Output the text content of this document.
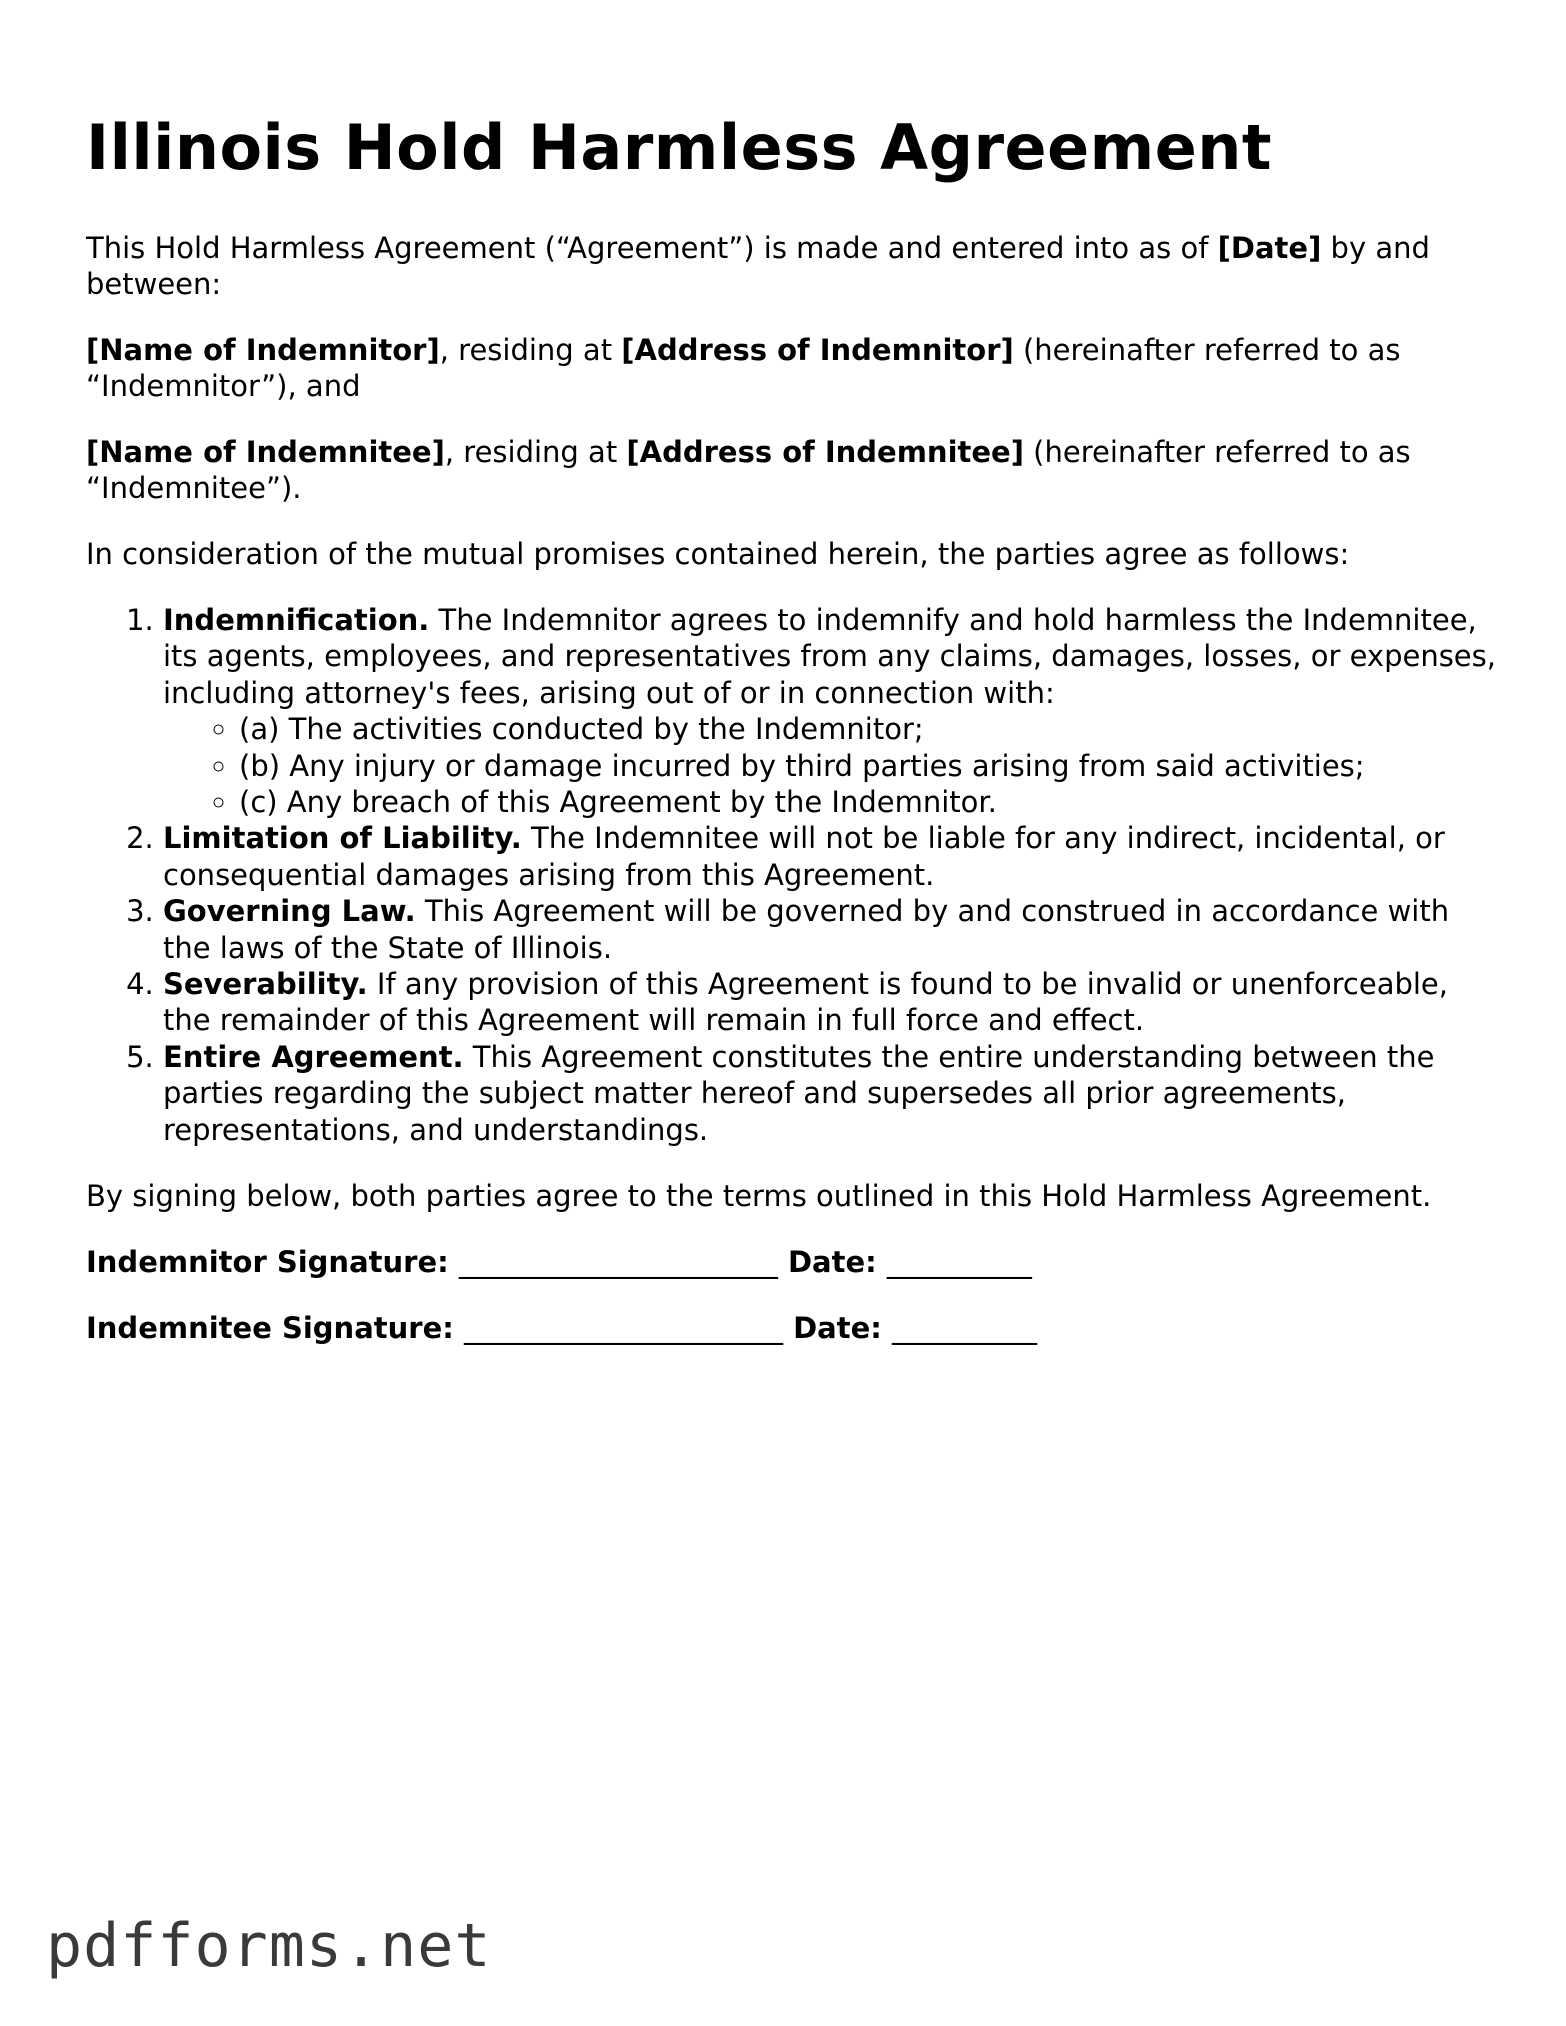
Illinois Hold Harmless Agreement

This Hold Harmless Agreement (“Agreement”) is made and entered into as of [Date] by and between:

[Name of Indemnitor], residing at [Address of Indemnitor] (hereinafter referred to as “Indemnitor”), and

[Name of Indemnitee], residing at [Address of Indemnitee] (hereinafter referred to as “Indemnitee”).

In consideration of the mutual promises contained herein, the parties agree as follows:

1. Indemnification. The Indemnitor agrees to indemnify and hold harmless the Indemnitee, its agents, employees, and representatives from any claims, damages, losses, or expenses, including attorney's fees, arising out of or in connection with:
◦ (a) The activities conducted by the Indemnitor;
◦ (b) Any injury or damage incurred by third parties arising from said activities;
◦ (c) Any breach of this Agreement by the Indemnitor.
2. Limitation of Liability. The Indemnitee will not be liable for any indirect, incidental, or consequential damages arising from this Agreement.
3. Governing Law. This Agreement will be governed by and construed in accordance with the laws of the State of Illinois.
4. Severability. If any provision of this Agreement is found to be invalid or unenforceable, the remainder of this Agreement will remain in full force and effect.
5. Entire Agreement. This Agreement constitutes the entire understanding between the parties regarding the subject matter hereof and supersedes all prior agreements, representations, and understandings.

By signing below, both parties agree to the terms outlined in this Hold Harmless Agreement.

Indemnitor Signature: ______________________ Date: __________
Indemnitee Signature: ______________________ Date: __________
pdfforms.net
